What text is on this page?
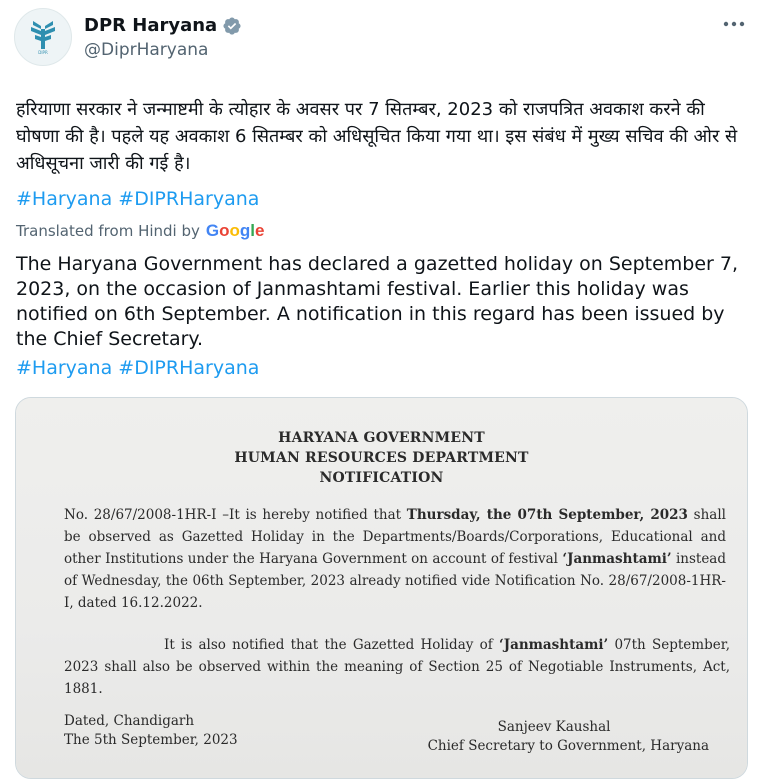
DIPR
DPR Haryana
@DiprHaryana
हरियाणा सरकार ने जन्माष्टमी के त्योहार के अवसर पर 7 सितम्बर, 2023 को राजपत्रित अवकाश करने की घोषणा की है। पहले यह अवकाश 6 सितम्बर को अधिसूचित किया गया था। इस संबंध में मुख्य सचिव की ओर से अधिसूचना जारी की गई है।
#Haryana #DIPRHaryana
Translated from Hindi by Google
The Haryana Government has declared a gazetted holiday on September 7, 2023, on the occasion of Janmashtami festival. Earlier this holiday was notified on 6th September. A notification in this regard has been issued by the Chief Secretary.
#Haryana #DIPRHaryana
HARYANA GOVERNMENT
HUMAN RESOURCES DEPARTMENT
NOTIFICATION
No. 28/67/2008-1HR-I –It is hereby notified that Thursday, the 07th September, 2023 shall be observed as Gazetted Holiday in the Departments/Boards/Corporations, Educational and other Institutions under the Haryana Government on account of festival ‘Janmashtami’ instead of Wednesday, the 06th September, 2023 already notified vide Notification No. 28/67/2008-1HR-I, dated 16.12.2022.
It is also notified that the Gazetted Holiday of ‘Janmashtami’ 07th September, 2023 shall also be observed within the meaning of Section 25 of Negotiable Instruments, Act, 1881.
Dated, Chandigarh
The 5th September, 2023
Sanjeev Kaushal
Chief Secretary to Government, Haryana
